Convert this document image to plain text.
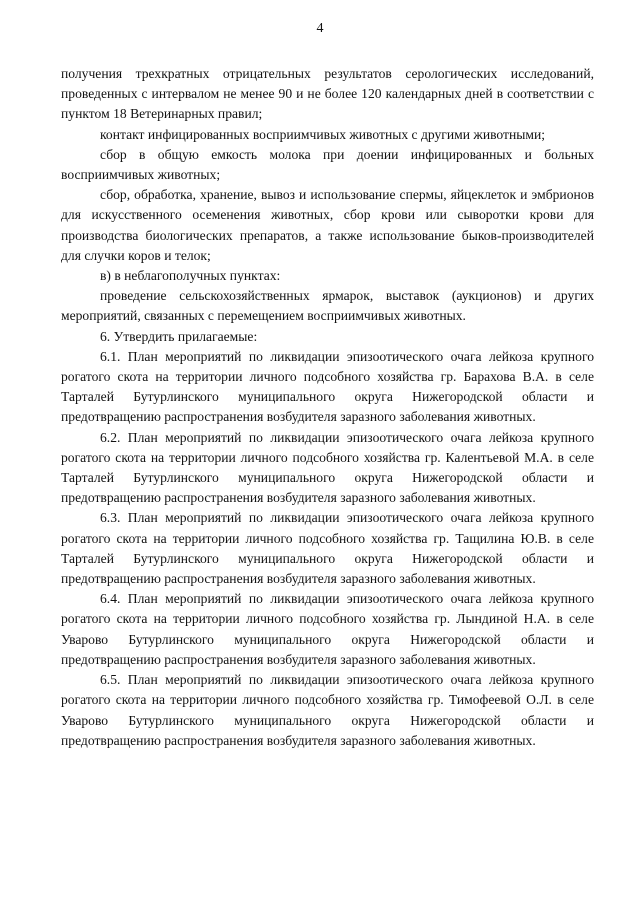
4

получения трехкратных отрицательных результатов серологических исследований, проведенных с интервалом не менее 90 и не более 120 календарных дней в соответствии с пунктом 18 Ветеринарных правил;

контакт инфицированных восприимчивых животных с другими животными;

сбор в общую емкость молока при доении инфицированных и больных восприимчивых животных;

сбор, обработка, хранение, вывоз и использование спермы, яйцеклеток и эмбрионов для искусственного осеменения животных, сбор крови или сыворотки крови для производства биологических препаратов, а также использование быков-производителей для случки коров и телок;

в) в неблагополучных пунктах:

проведение сельскохозяйственных ярмарок, выставок (аукционов) и других мероприятий, связанных с перемещением восприимчивых животных.

6. Утвердить прилагаемые:

6.1. План мероприятий по ликвидации эпизоотического очага лейкоза крупного рогатого скота на территории личного подсобного хозяйства гр. Барахова В.А. в селе Тарталей Бутурлинского муниципального округа Нижегородской области и предотвращению распространения возбудителя заразного заболевания животных.

6.2. План мероприятий по ликвидации эпизоотического очага лейкоза крупного рогатого скота на территории личного подсобного хозяйства гр. Калентьевой М.А. в селе Тарталей Бутурлинского муниципального округа Нижегородской области и предотвращению распространения возбудителя заразного заболевания животных.

6.3. План мероприятий по ликвидации эпизоотического очага лейкоза крупного рогатого скота на территории личного подсобного хозяйства гр. Тащилина Ю.В. в селе Тарталей Бутурлинского муниципального округа Нижегородской области и предотвращению распространения возбудителя заразного заболевания животных.

6.4. План мероприятий по ликвидации эпизоотического очага лейкоза крупного рогатого скота на территории личного подсобного хозяйства гр. Лындиной Н.А. в селе Уварово Бутурлинского муниципального округа Нижегородской области и предотвращению распространения возбудителя заразного заболевания животных.

6.5. План мероприятий по ликвидации эпизоотического очага лейкоза крупного рогатого скота на территории личного подсобного хозяйства гр. Тимофеевой О.Л. в селе Уварово Бутурлинского муниципального округа Нижегородской области и предотвращению распространения возбудителя заразного заболевания животных.
